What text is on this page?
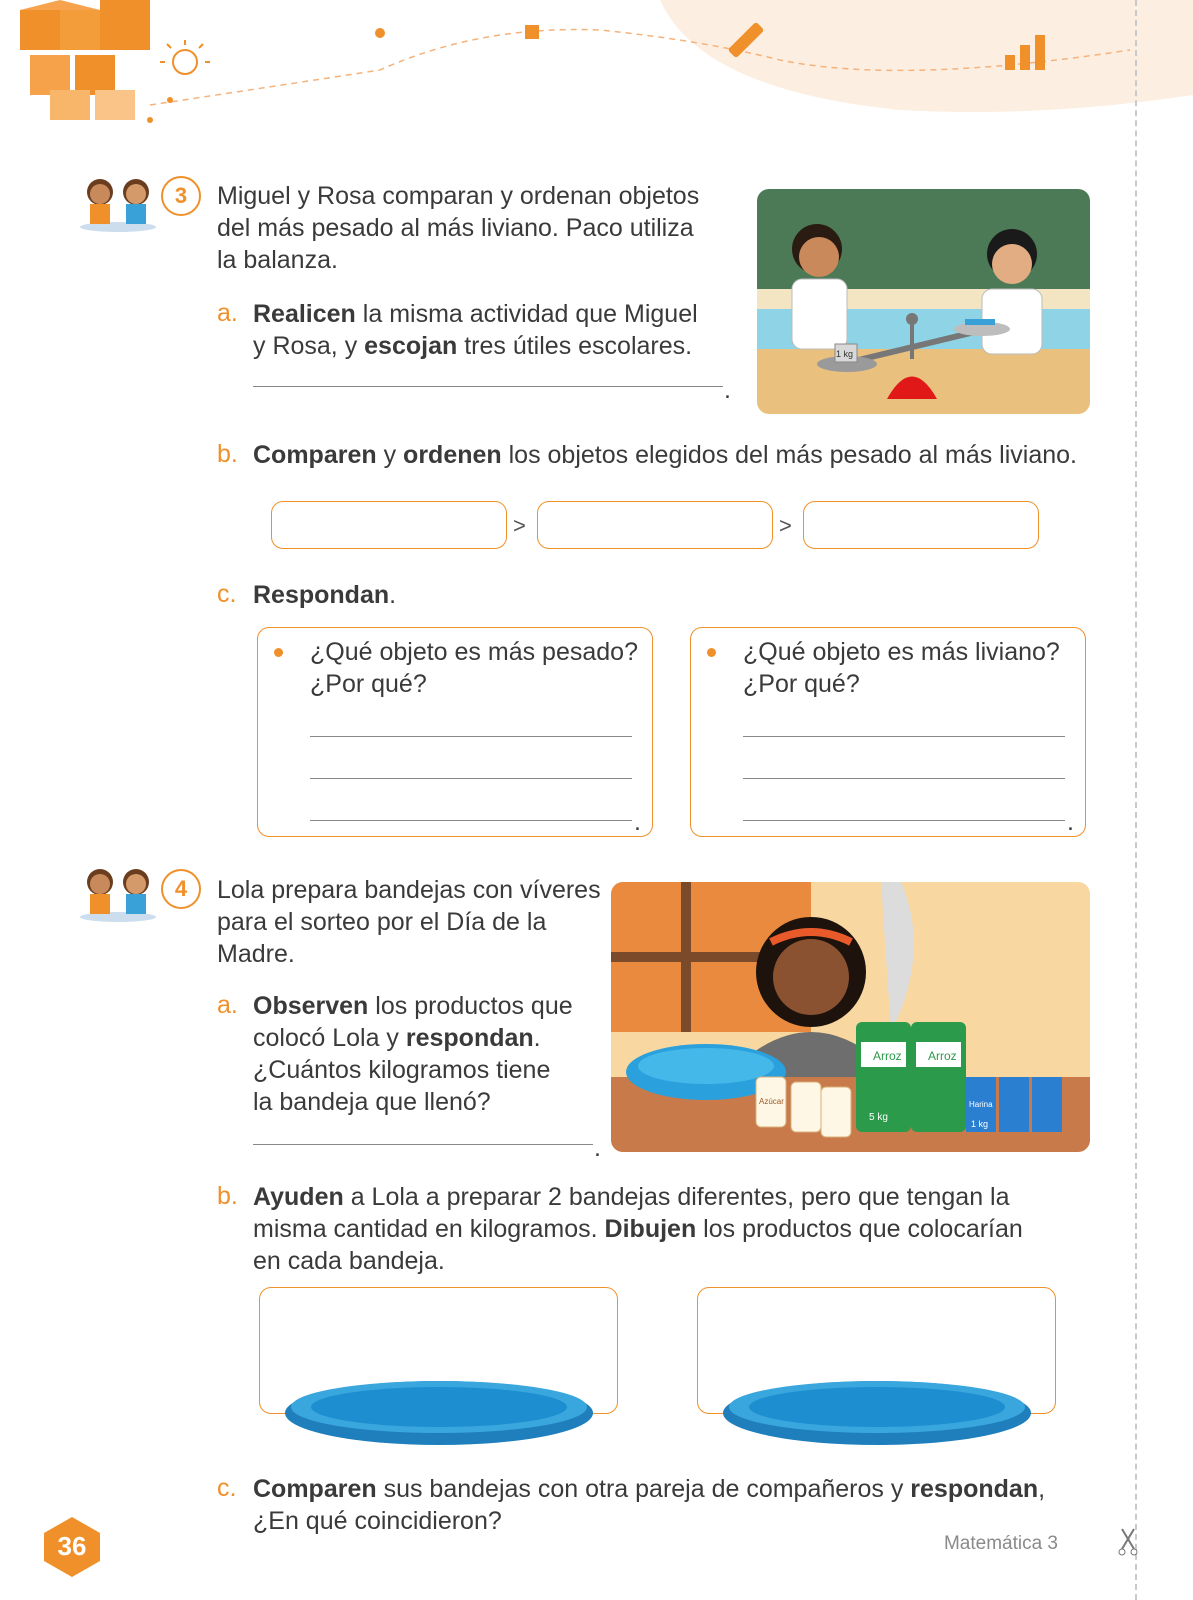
3	Miguel y Rosa comparan y ordenan objetos
del más pesado al más liviano. Paco utiliza
la balanza.
a. Realicen la misma actividad que Miguel
y Rosa, y escojan tres útiles escolares.
.
1 kg
b. Comparen y ordenen los objetos elegidos del más pesado al más liviano.
>	>
c. Respondan.
¿Qué objeto es más pesado?
¿Por qué?
.
¿Qué objeto es más liviano?
¿Por qué?
.
4	Lola prepara bandejas con víveres
para el sorteo por el Día de la
Madre.
a. Observen los productos que
colocó Lola y respondan.
¿Cuántos kilogramos tiene
la bandeja que llenó?
.
Arroz Arroz
5 kg
Harina
Azúcar
1 kg
b. Ayuden a Lola a preparar 2 bandejas diferentes, pero que tengan la
misma cantidad en kilogramos. Dibujen los productos que colocarían
en cada bandeja.
c. Comparen sus bandejas con otra pareja de compañeros y respondan,
¿En qué coincidieron?
36	Matemática 3
